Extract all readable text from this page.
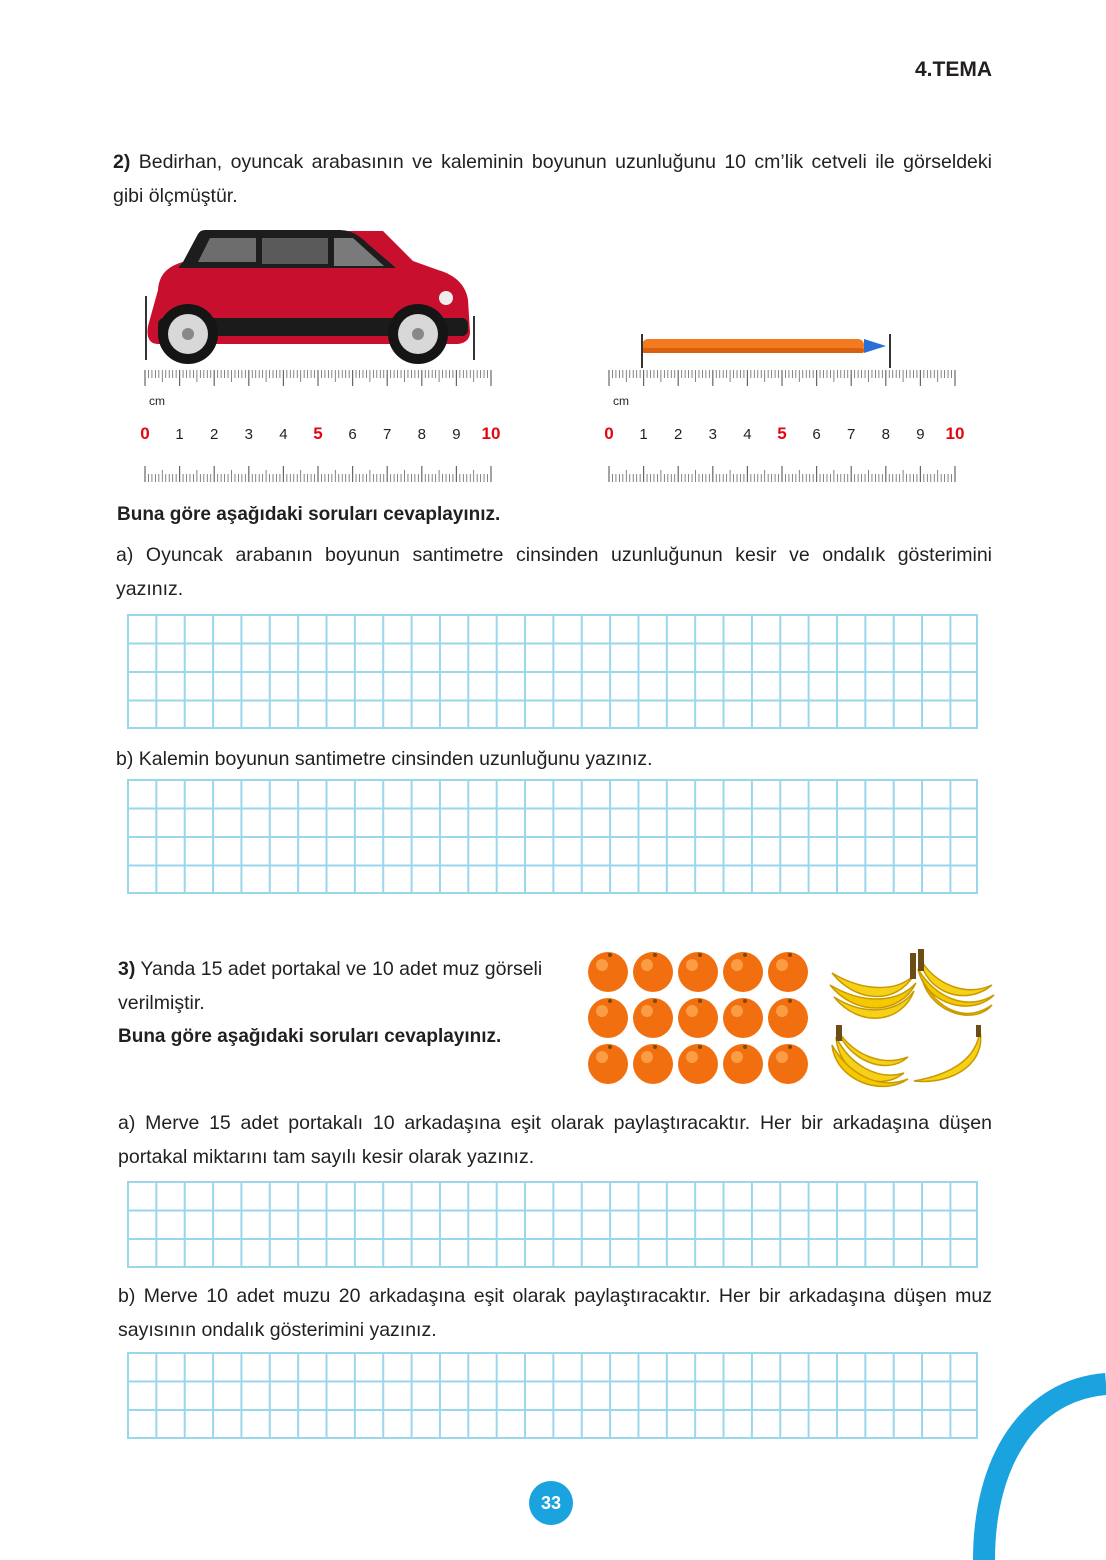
4.TEMA
2) Bedirhan, oyuncak arabasının ve kaleminin boyunun uzunluğunu 10 cm’lik cetveli ile görseldeki gibi ölçmüştür.
cm
0 1 2 3 4 5 6 7 8 9 10
cm
0 1 2 3 4 5 6 7 8 9 10
Buna göre aşağıdaki soruları cevaplayınız.
a) Oyuncak arabanın boyunun santimetre cinsinden uzunluğunun kesir ve ondalık gösterimini yazınız.
b) Kalemin boyunun santimetre cinsinden uzunluğunu yazınız.
3) Yanda 15 adet portakal ve 10 adet muz görseli verilmiştir.
Buna göre aşağıdaki soruları cevaplayınız.
a) Merve 15 adet portakalı 10 arkadaşına eşit olarak paylaştıracaktır. Her bir arkadaşına düşen portakal miktarını tam sayılı kesir olarak yazınız.
b) Merve 10 adet muzu 20 arkadaşına eşit olarak paylaştıracaktır. Her bir arkadaşına düşen muz sayısının ondalık gösterimini yazınız.
33
